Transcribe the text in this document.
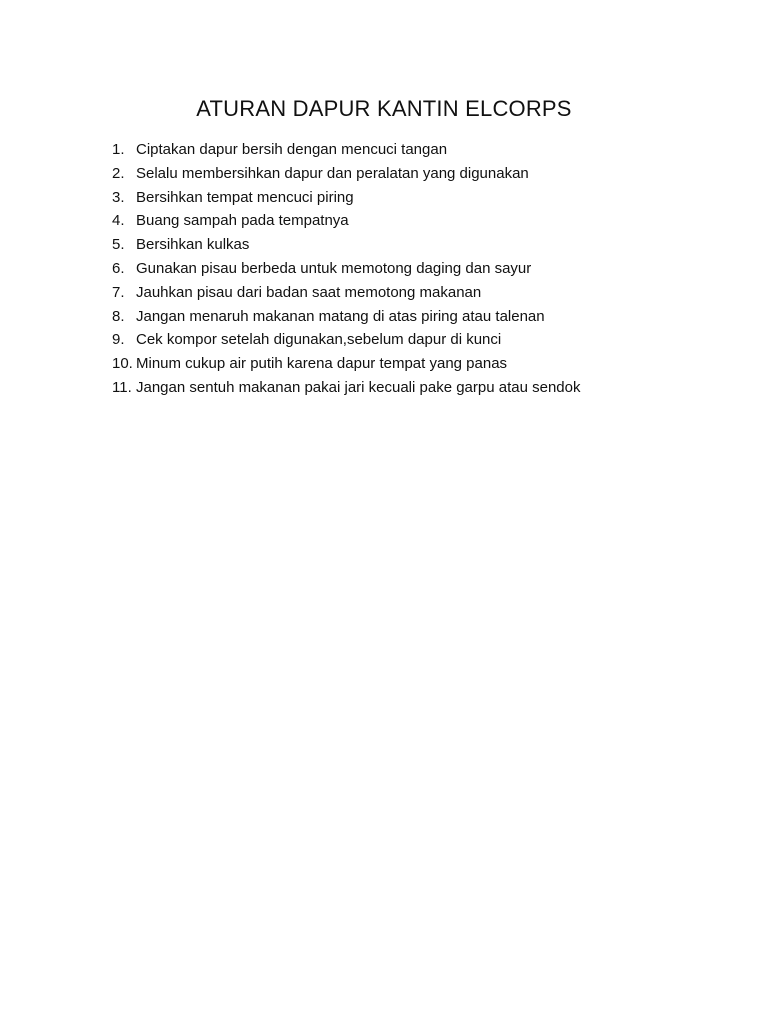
ATURAN DAPUR KANTIN ELCORPS
1. Ciptakan dapur bersih dengan mencuci tangan
2. Selalu membersihkan dapur dan peralatan yang digunakan
3. Bersihkan tempat mencuci piring
4. Buang sampah pada tempatnya
5. Bersihkan kulkas
6. Gunakan pisau berbeda untuk memotong daging dan sayur
7. Jauhkan pisau dari badan saat memotong makanan
8. Jangan menaruh makanan matang di atas piring atau talenan
9. Cek kompor setelah digunakan,sebelum dapur di kunci
10. Minum cukup air putih karena dapur tempat yang panas
11. Jangan sentuh makanan pakai jari kecuali pake garpu atau sendok
